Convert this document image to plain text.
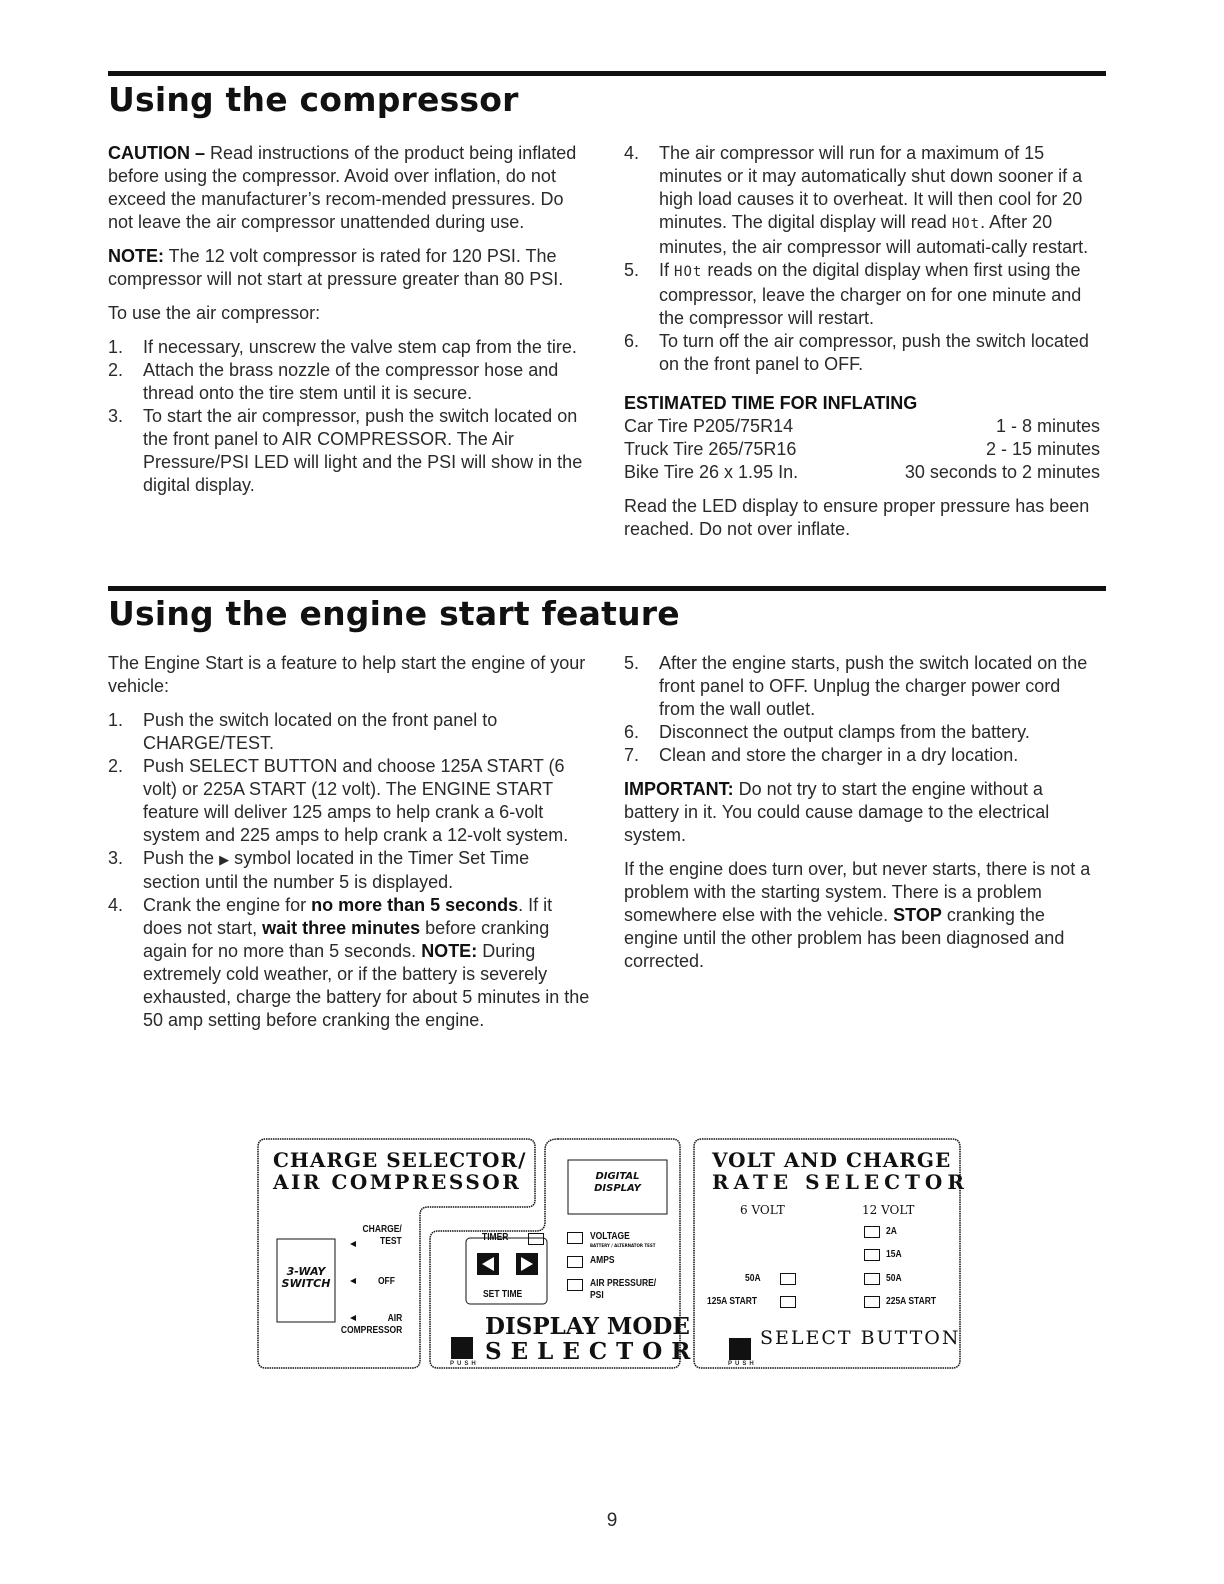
Using the compressor

CAUTION – Read instructions of the product being inflated before using the compressor. Avoid over inflation, do not exceed the manufacturer’s recom-mended pressures. Do not leave the air compressor unattended during use.

NOTE: The 12 volt compressor is rated for 120 PSI. The compressor will not start at pressure greater than 80 PSI.

To use the air compressor:

1. If necessary, unscrew the valve stem cap from the tire.
2. Attach the brass nozzle of the compressor hose and thread onto the tire stem until it is secure.
3. To start the air compressor, push the switch located on the front panel to AIR COMPRESSOR. The Air Pressure/PSI LED will light and the PSI will show in the digital display.
4. The air compressor will run for a maximum of 15 minutes or it may automatically shut down sooner if a high load causes it to overheat. It will then cool for 20 minutes. The digital display will read HOt. After 20 minutes, the air compressor will automati-cally restart.
5. If HOt reads on the digital display when first using the compressor, leave the charger on for one minute and the compressor will restart.
6. To turn off the air compressor, push the switch located on the front panel to OFF.
ESTIMATED TIME FOR INFLATING
Car Tire P205/75R14	1 - 8 minutes
Truck Tire 265/75R16	2 - 15 minutes
Bike Tire 26 x 1.95 In.	30 seconds to 2 minutes

Read the LED display to ensure proper pressure has been reached. Do not over inflate.

Using the engine start feature

The Engine Start is a feature to help start the engine of your vehicle:

1. Push the switch located on the front panel to CHARGE/TEST.
2. Push SELECT BUTTON and choose 125A START (6 volt) or 225A START (12 volt). The ENGINE START feature will deliver 125 amps to help crank a 6-volt system and 225 amps to help crank a 12-volt system.
3. Push the ▶ symbol located in the Timer Set Time section until the number 5 is displayed.
4. Crank the engine for no more than 5 seconds. If it does not start, wait three minutes before cranking again for no more than 5 seconds. NOTE: During extremely cold weather, or if the battery is severely exhausted, charge the battery for about 5 minutes in the 50 amp setting before cranking the engine.
5. After the engine starts, push the switch located on the front panel to OFF. Unplug the charger power cord from the wall outlet.
6. Disconnect the output clamps from the battery.
7. Clean and store the charger in a dry location.

IMPORTANT: Do not try to start the engine without a battery in it. You could cause damage to the electrical system.

If the engine does turn over, but never starts, there is not a problem with the starting system. There is a problem somewhere else with the vehicle. STOP cranking the engine until the other problem has been diagnosed and corrected.

CHARGE SELECTOR/
AIR COMPRESSOR
3-WAY
SWITCH
CHARGE/
TEST
OFF
AIR
COMPRESSOR
DIGITAL
DISPLAY
TIMER
SET TIME
VOLTAGE
BATTERY / ALTERNATOR TEST
AMPS
AIR PRESSURE/
PSI
PUSH
DISPLAY MODE
SELECTOR
VOLT AND CHARGE
RATE SELECTOR
6 VOLT	12 VOLT
2A
15A
50A
225A START
50A
125A START
PUSH
SELECT BUTTON
9
